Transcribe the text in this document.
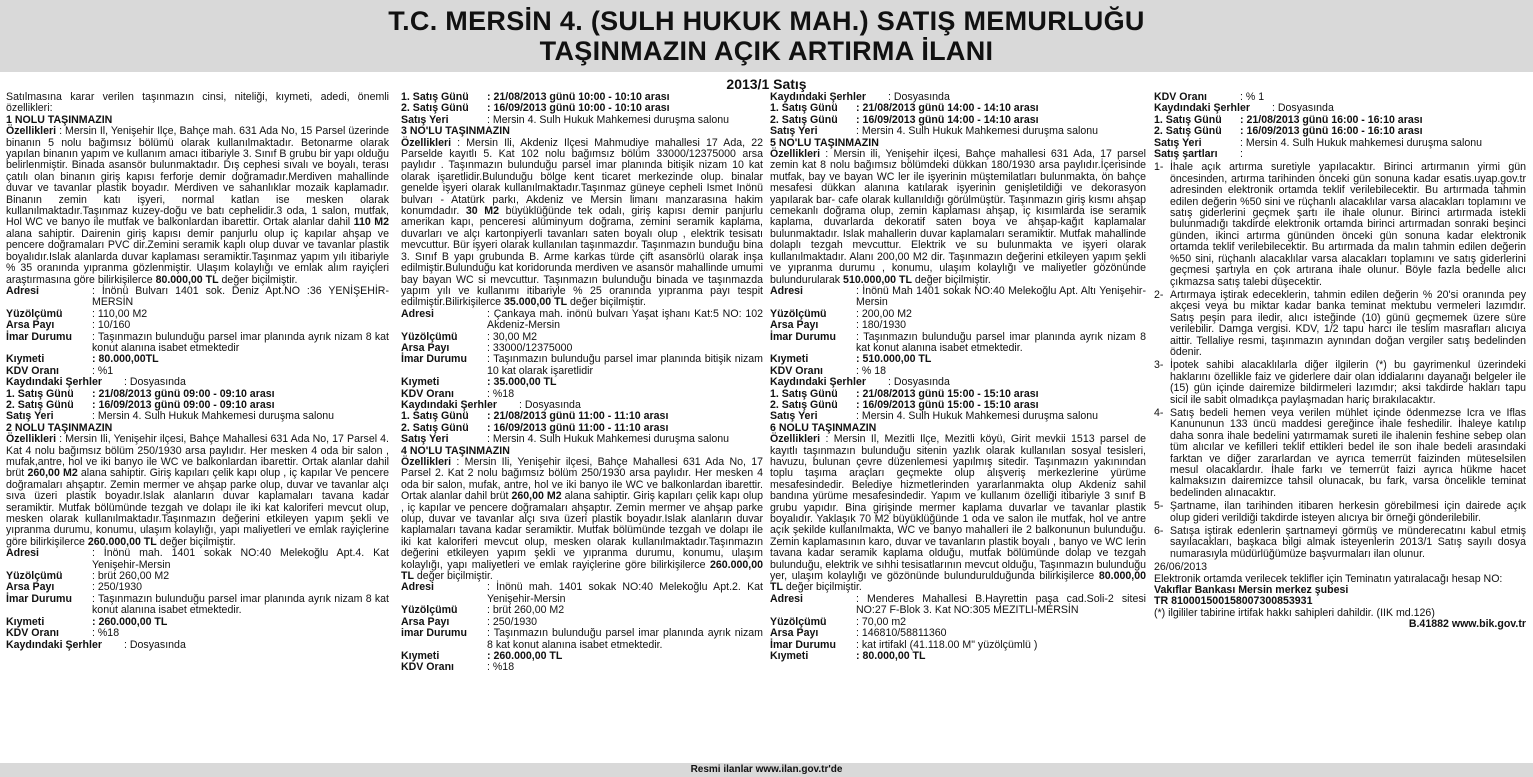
T.C. MERSİN 4. (SULH HUKUK MAH.) SATIŞ MEMURLUĞU
TAŞINMAZIN AÇIK ARTIRMA İLANI
2013/1 Satış

Satılmasına karar verilen taşınmazın cinsi, niteliği, kıymeti, adedi, önemli özellikleri:

1 NOLU TAŞINMAZIN

Özellikleri : Mersin Il, Yenişehir Ilçe, Bahçe mah. 631 Ada No, 15 Parsel üzerinde binanın 5 nolu bağımsız bölümü olarak kullanılmaktadır. Betonarme olarak yapılan binanın yapım ve kullanım amacı itibariyle 3. Sınıf B grubu bir yapı olduğu belirlenmiştir. Binada asansör bulunmaktadır. Dış cephesi sıvalı ve boyalı, terası çatılı olan binanın giriş kapısı ferforje demir doğramadır.Merdiven mahallinde duvar ve tavanlar plastik boyadır. Merdiven ve sahanlıklar mozaik kaplamadır. Binanın zemin katı işyeri, normal katlan ise mesken olarak kullanılmaktadır.Taşınmaz kuzey-doğu ve batı cephelidir.3 oda, 1 salon, mutfak, Hol WC ve banyo ile mutfak ve balkonlardan ibarettir. Ortak alanlar dahil 110 M2 alana sahiptir. Dairenin giriş kapısı demir panjurlu olup iç kapılar ahşap ve pencere doğramaları PVC dir.Zemini seramik kaplı olup duvar ve tavanlar plastik boyalıdır.Islak alanlarda duvar kaplaması seramiktir.Taşınmaz yapım yılı itibariyle % 35 oranında yıpranma gözlenmiştir. Ulaşım kolaylığı ve emlak alım rayiçleri araştırmasına göre bilirkişilerce 80.000,00 TL değer biçilmiştir.

Adresi	: İnönü Bulvarı 1401 sok. Deniz Apt.NO :36 YENİŞEHİR-MERSİN
Yüzölçümü	: 110,00 M2
Arsa Payı	: 10/160
İmar Durumu	: Taşınmazın bulunduğu parsel imar planında ayrık nizam 8 kat konut alanına isabet etmektedir
Kıymeti	: 80.000,00TL
KDV Oranı	: %1
Kaydındaki Şerhler	: Dosyasında
1. Satış Günü	: 21/08/2013 günü 09:00 - 09:10 arası
2. Satış Günü	: 16/09/2013 günü 09:00 - 09:10 arası
Satış Yeri	: Mersin 4. Sulh Hukuk Mahkemesi duruşma salonu

2 NOLU TAŞINMAZIN

Özellikleri : Mersin Ili, Yenişehir ilçesi, Bahçe Mahallesi 631 Ada No, 17 Parsel 4. Kat 4 nolu bağımsız bölüm 250/1930 arsa paylıdır. Her mesken 4 oda bir salon , mufak,antre, hol ve iki banyo ile WC ve balkonlardan ibarettir. Ortak alanlar dahil brüt 260,00 M2 alana sahiptir. Giriş kapıları çelik kapı olup , iç kapılar Ve pencere doğramaları ahşaptır. Zemin mermer ve ahşap parke olup, duvar ve tavanlar alçı sıva üzeri plastik boyadır.Islak alanların duvar kaplamaları tavana kadar seramiktir. Mutfak bölümünde tezgah ve dolapı ile iki kat kaloriferi mevcut olup, mesken olarak kullanılmaktadır.Taşınmazın değerini etkileyen yapım şekli ve yıpranma durumu, konumu, ulaşım kolaylığı, yapı maliyetleri ve emlak rayiçlerine göre bilirkişilerce 260.000,00 TL değer biçilmiştir.

Adresi	: İnönü mah. 1401 sokak NO:40 Melekoğlu Apt.4. Kat Yenişehir-Mersin
Yüzölçümü	: brüt 260,00 M2
Arsa Payı	: 250/1930
İmar Durumu	: Taşınmazın bulunduğu parsel imar planında ayrık nizam 8 kat konut alanına isabet etmektedir.
Kıymeti	: 260.000,00 TL
KDV Oranı	: %18
Kaydındaki Şerhler	: Dosyasında
1. Satış Günü	: 21/08/2013 günü 10:00 - 10:10 arası
2. Satış Günü	: 16/09/2013 günü 10:00 - 10:10 arası
Satış Yeri	: Mersin 4. Sulh Hukuk Mahkemesi duruşma salonu

3 NO'LU TAŞINMAZIN

Özellikleri : Mersin Ili, Akdeniz Ilçesi Mahmudiye mahallesi 17 Ada, 22 Parselde kayıtlı 5. Kat 102 nolu bağımsız bölüm 33000/12375000 arsa paylıdır . Taşınmazın bulunduğu parsel imar planında bitişik nizam 10 kat olarak işaretlidir.Bulunduğu bölge kent ticaret merkezinde olup. binalar genelde işyeri olarak kullanılmaktadır.Taşınmaz güneye cepheli Ismet Inönü bulvarı - Atatürk parkı, Akdeniz ve Mersin limanı manzarasına hakim konumdadır. 30 M2 büyüklüğünde tek odalı, giriş kapısı demir panjurlu amerikan kapı, penceresi alüminyum doğrama, zemini seramik kaplama, duvarları ve alçı kartonpiyerli tavanları saten boyalı olup , elektrik tesisatı mevcuttur. Bür işyeri olarak kullanılan taşınmazdır. Taşınmazın bunduğu bina 3. Sınıf B yapı grubunda B. Arme karkas türde çift asansörlü olarak inşa edilmiştir.Bulunduğu kat koridorunda merdiven ve asansör mahallinde umumi bay bayan WC si mevcuttur. Taşınmazın bulunduğu binada ve taşınmazda yapım yılı ve kullanımı itibariyle % 25 oranında yıpranma payı tespit edilmiştir.Bilirkişilerce 35.000,00 TL değer biçilmiştir.

Adresi	: Çankaya mah. inönü bulvarı Yaşat işhanı Kat:5 NO: 102 Akdeniz-Mersin
Yüzölçümü	: 30,00 M2
Arsa Payı	: 33000/12375000
İmar Durumu	: Taşınmazın bulunduğu parsel imar planında bitişik nizam 10 kat olarak işaretlidir
Kıymeti	: 35.000,00 TL
KDV Oranı	: %18
Kaydındaki Şerhler	: Dosyasında
1. Satış Günü	: 21/08/2013 günü 11:00 - 11:10 arası
2. Satış Günü	: 16/09/2013 günü 11:00 - 11:10 arası
Satış Yeri	: Mersin 4. Sulh Hukuk Mahkemesi duruşma salonu

4 NO'LU TAŞINMAZIN

Özellikleri : Mersin Ili, Yenişehir ilçesi, Bahçe Mahallesi 631 Ada No, 17 Parsel 2. Kat 2 nolu bağımsız bölüm 250/1930 arsa paylıdır. Her mesken 4 oda bir salon, mufak, antre, hol ve iki banyo ile WC ve balkonlardan ibarettir. Ortak alanlar dahil brüt 260,00 M2 alana sahiptir. Giriş kapıları çelik kapı olup , iç kapılar ve pencere doğramaları ahşaptır. Zemin mermer ve ahşap parke olup, duvar ve tavanlar alçı sıva üzeri plastik boyadır.Islak alanların duvar kaplamaları tavana kadar seramiktir. Mutfak bölümünde tezgah ve dolapı ile iki kat kaloriferi mevcut olup, mesken olarak kullanılmaktadır.Taşınmazın değerini etkileyen yapım şekli ve yıpranma durumu, konumu, ulaşım kolaylığı, yapı maliyetleri ve emlak rayiçlerine göre bilirkişilerce 260.000,00 TL değer biçilmiştir.

Adresi	: İnönü mah. 1401 sokak NO:40 Melekoğlu Apt.2. Kat Yenişehir-Mersin
Yüzölçümü	: brüt 260,00 M2
Arsa Payı	: 250/1930
imar Durumu	: Taşınmazın bulunduğu parsel imar planında ayrık nizam 8 kat konut alanına isabet etmektedir.
Kıymeti	: 260.000,00 TL
KDV Oranı	: %18
Kaydındaki Şerhler	: Dosyasında
1. Satış Günü	: 21/08/2013 günü 14:00 - 14:10 arası
2. Satış Günü	: 16/09/2013 günü 14:00 - 14:10 arası
Satış Yeri	: Mersin 4. Sulh Hukuk Mahkemesi duruşma salonu

5 NO'LU TAŞINMAZIN

Özellikleri : Mersin ili, Yenişehir ilçesi, Bahçe mahallesi 631 Ada, 17 parsel zemin kat 8 nolu bağımsız bölümdeki dükkan 180/1930 arsa paylıdır.İçerisinde mutfak, bay ve bayan WC ler ile işyerinin müştemilatları bulunmakta, ön bahçe mesafesi dükkan alanına katılarak işyerinin genişletildiği ve dekorasyon yapılarak bar- cafe olarak kullanıldığı görülmüştür. Taşınmazın giriş kısmı ahşap cemekanlı doğrama olup, zemin kaplaması ahşap, iç kısımlarda ise seramik kaplama, duvarlarda dekoratif saten boya ve ahşap-kağıt kaplamalar bulunmaktadır. Islak mahallerin duvar kaplamaları seramiktir. Mutfak mahallinde dolaplı tezgah mevcuttur. Elektrik ve su bulunmakta ve işyeri olarak kullanılmaktadır. Alanı 200,00 M2 dir. Taşınmazın değerini etkileyen yapım şekli ve yıpranma durumu , konumu, ulaşım kolaylığı ve maliyetler gözönünde bulundurularak 510.000,00 TL değer biçilmiştir.

Adresi	: İnönü Mah 1401 sokak NO:40 Melekoğlu Apt. Altı Yenişehir-Mersin
Yüzölçümü	: 200,00 M2
Arsa Payı	: 180/1930
İmar Durumu	: Taşınmazın bulunduğu parsel imar planında ayrık nizam 8 kat konut alanına isabet etmektedir.
Kıymeti	: 510.000,00 TL
KDV Oranı	: % 18
Kaydındaki Şerhler	: Dosyasında
1. Satış Günü	: 21/08/2013 günü 15:00 - 15:10 arası
2. Satış Günü	: 16/09/2013 günü 15:00 - 15:10 arası
Satış Yeri	: Mersin 4. Sulh Hukuk Mahkemesi duruşma salonu

6 NOLU TAŞINMAZIN

Özellikleri : Mersin Il, Mezitli Ilçe, Mezitli köyü, Girit mevkii 1513 parsel de kayıtlı taşınmazın bulunduğu sitenin yazlık olarak kullanılan sosyal tesisleri, havuzu, bulunan çevre düzenlemesi yapılmış sitedir. Taşınmazın yakınından toplu taşıma araçları geçmekte olup alışveriş merkezlerine yürüme mesafesindedir. Belediye hizmetlerinden yararlanmakta olup Akdeniz sahil bandına yürüme mesafesindedir. Yapım ve kullanım özelliği itibariyle 3 sınıf B grubu yapıdır. Bina girişinde mermer kaplama duvarlar ve tavanlar plastik boyalıdır. Yaklaşık 70 M2 büyüklüğünde 1 oda ve salon ile mutfak, hol ve antre açık şekilde kullanılmakta, WC ve banyo mahalleri ile 2 balkonunun bulunduğu. Zemin kaplamasının karo, duvar ve tavanların plastik boyalı , banyo ve WC lerin tavana kadar seramik kaplama olduğu, mutfak bölümünde dolap ve tezgah bulunduğu, elektrik ve sıhhi tesisatlarının mevcut olduğu, Taşınmazın bulunduğu yer, ulaşım kolaylığı ve gözönünde bulundurulduğunda bilirkişilerce 80.000,00 TL değer biçilmiştir.

Adresi	: Menderes Mahallesi B.Hayrettin paşa cad.Soli-2 sitesi NO:27 F-Blok 3. Kat NO:305 MEZITLI-MERSİN
Yüzölçümü	: 70,00 m2
Arsa Payı	: 146810/58811360
İmar Durumu	: kat irtifakl (41.118.00 M" yüzölçümlü )
Kıymeti	: 80.000,00 TL
KDV Oranı	: % 1
Kaydındaki Şerhler	: Dosyasında
1. Satış Günü	: 21/08/2013 günü 16:00 - 16:10 arası
2. Satış Günü	: 16/09/2013 günü 16:00 - 16:10 arası
Satış Yeri	: Mersin 4. Sulh Hukuk mahkemesi duruşma salonu
Satış şartları	:
1- İhale açık artırma suretiyle yapılacaktır. Birinci artırmanın yirmi gün öncesinden, artırma tarihinden önceki gün sonuna kadar esatis.uyap.gov.tr adresinden elektronik ortamda teklif verilebilecektir. Bu artırmada tahmin edilen değerin %50 sini ve rüçhanlı alacaklılar varsa alacakları toplamını ve satış giderlerini geçmek şartı ile ihale olunur. Birinci artırmada istekli bulunmadığı takdirde elektronik ortamda birinci artırmadan sonraki beşinci günden, ikinci artırma gününden önceki gün sonuna kadar elektronik ortamda teklif verilebilecektir. Bu artırmada da malın tahmin edilen değerin %50 sini, rüçhanlı alacaklılar varsa alacakları toplamını ve satış giderlerini geçmesi şartıyla en çok artırana ihale olunur. Böyle fazla bedelle alıcı çıkmazsa satış talebi düşecektir.
2- Artırmaya iştirak edeceklerin, tahmin edilen değerin % 20'si oranında pey akçesi veya bu miktar kadar banka teminat mektubu vermeleri lazımdır. Satış peşin para iledir, alıcı isteğinde (10) günü geçmemek üzere süre verilebilir. Damga vergisi. KDV, 1/2 tapu harcı ile teslim masrafları alıcıya aittir. Tellaliye resmi, taşınmazın aynından doğan vergiler satış bedelinden ödenir.
3- İpotek sahibi alacaklılarla diğer ilgilerin (*) bu gayrimenkul üzerindeki haklarını özellikle faiz ve giderlere dair olan iddialarını dayanağı belgeler ile (15) gün içinde dairemize bildirmeleri lazımdır; aksi takdirde hakları tapu sicil ile sabit olmadıkça paylaşmadan hariç bırakılacaktır.
4- Satış bedeli hemen veya verilen mühlet içinde ödenmezse Icra ve Iflas Kanununun 133 üncü maddesi gereğince ihale feshedilir. İhaleye katılıp daha sonra ihale bedelini yatırmamak sureti ile ihalenin feshine sebep olan tüm alıcılar ve kefilleri teklif ettikleri bedel ile son ihale bedeli arasındaki farktan ve diğer zararlardan ve ayrıca temerrüt faizinden müteselsilen mesul olacaklardır. İhale farkı ve temerrüt faizi ayrıca hükme hacet kalmaksızın dairemizce tahsil olunacak, bu fark, varsa öncelikle teminat bedelinden alınacaktır.
5- Şartname, ilan tarihinden itibaren herkesin görebilmesi için dairede açık olup gideri verildiği takdirde isteyen alıcıya bir örneği gönderilebilir.
6- Satışa iştirak edenlerin şartnameyi görmüş ve münderecatını kabul etmiş sayılacakları, başkaca bilgi almak isteyenlerin 2013/1 Satış sayılı dosya numarasıyla müdürlüğümüze başvurmaları ilan olunur.

26/06/2013

Elektronik ortamda verilecek teklifler için Teminatın yatıralacağı hesap NO:

Vakıflar Bankası Mersin merkez şubesi

TR 810001500158007300853931

(*) ilgililer tabirine irtifak hakkı sahipleri dahildir. (IIK md.126)

B.41882 www.bik.gov.tr

Resmi ilanlar www.ilan.gov.tr'de
